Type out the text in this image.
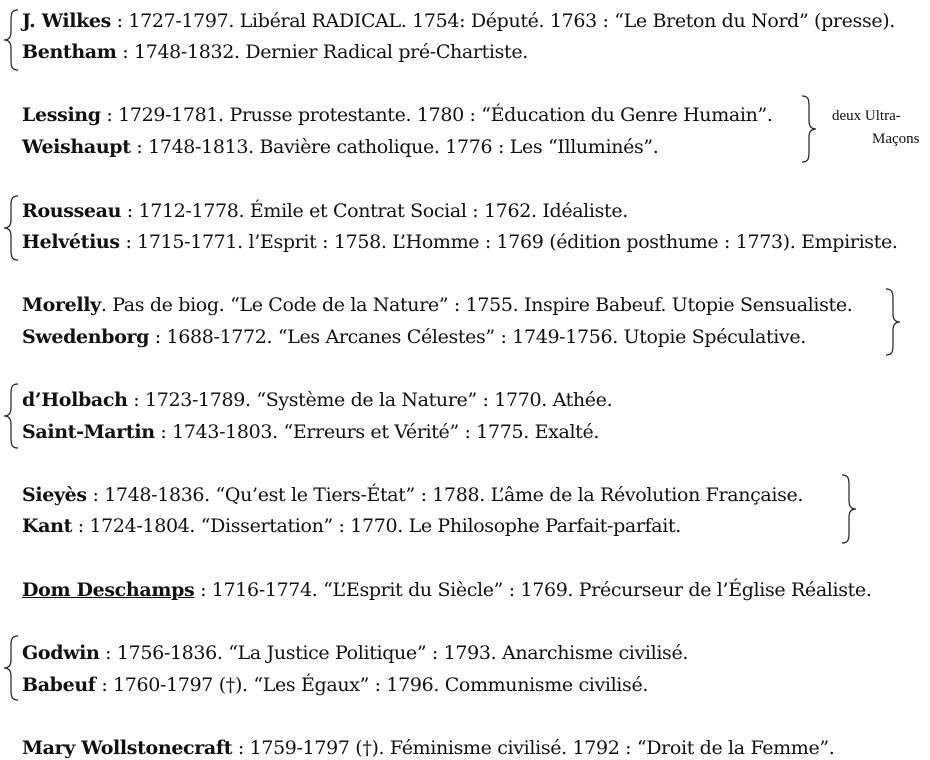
J. Wilkes : 1727-1797. Libéral RADICAL. 1754: Député. 1763 : “Le Breton du Nord” (presse).
Bentham : 1748-1832. Dernier Radical pré-Chartiste.
Lessing : 1729-1781. Prusse protestante. 1780 : “Éducation du Genre Humain”.
Weishaupt : 1748-1813. Bavière catholique. 1776 : Les “Illuminés”.
deux Ultra-
Maçons
Rousseau : 1712-1778. Émile et Contrat Social : 1762. Idéaliste.
Helvétius : 1715-1771. l’Esprit : 1758. L’Homme : 1769 (édition posthume : 1773). Empiriste.
Morelly. Pas de biog. “Le Code de la Nature” : 1755. Inspire Babeuf. Utopie Sensualiste.
Swedenborg : 1688-1772. “Les Arcanes Célestes” : 1749-1756. Utopie Spéculative.
d’Holbach : 1723-1789. “Système de la Nature” : 1770. Athée.
Saint-Martin : 1743-1803. “Erreurs et Vérité” : 1775. Exalté.
Sieyès : 1748-1836. “Qu’est le Tiers-État” : 1788. L’âme de la Révolution Française.
Kant : 1724-1804. “Dissertation” : 1770. Le Philosophe Parfait-parfait.
Dom Deschamps : 1716-1774. “L’Esprit du Siècle” : 1769. Précurseur de l’Église Réaliste.
Godwin : 1756-1836. “La Justice Politique” : 1793. Anarchisme civilisé.
Babeuf : 1760-1797 (†). “Les Égaux” : 1796. Communisme civilisé.
Mary Wollstonecraft : 1759-1797 (†). Féminisme civilisé. 1792 : “Droit de la Femme”.
